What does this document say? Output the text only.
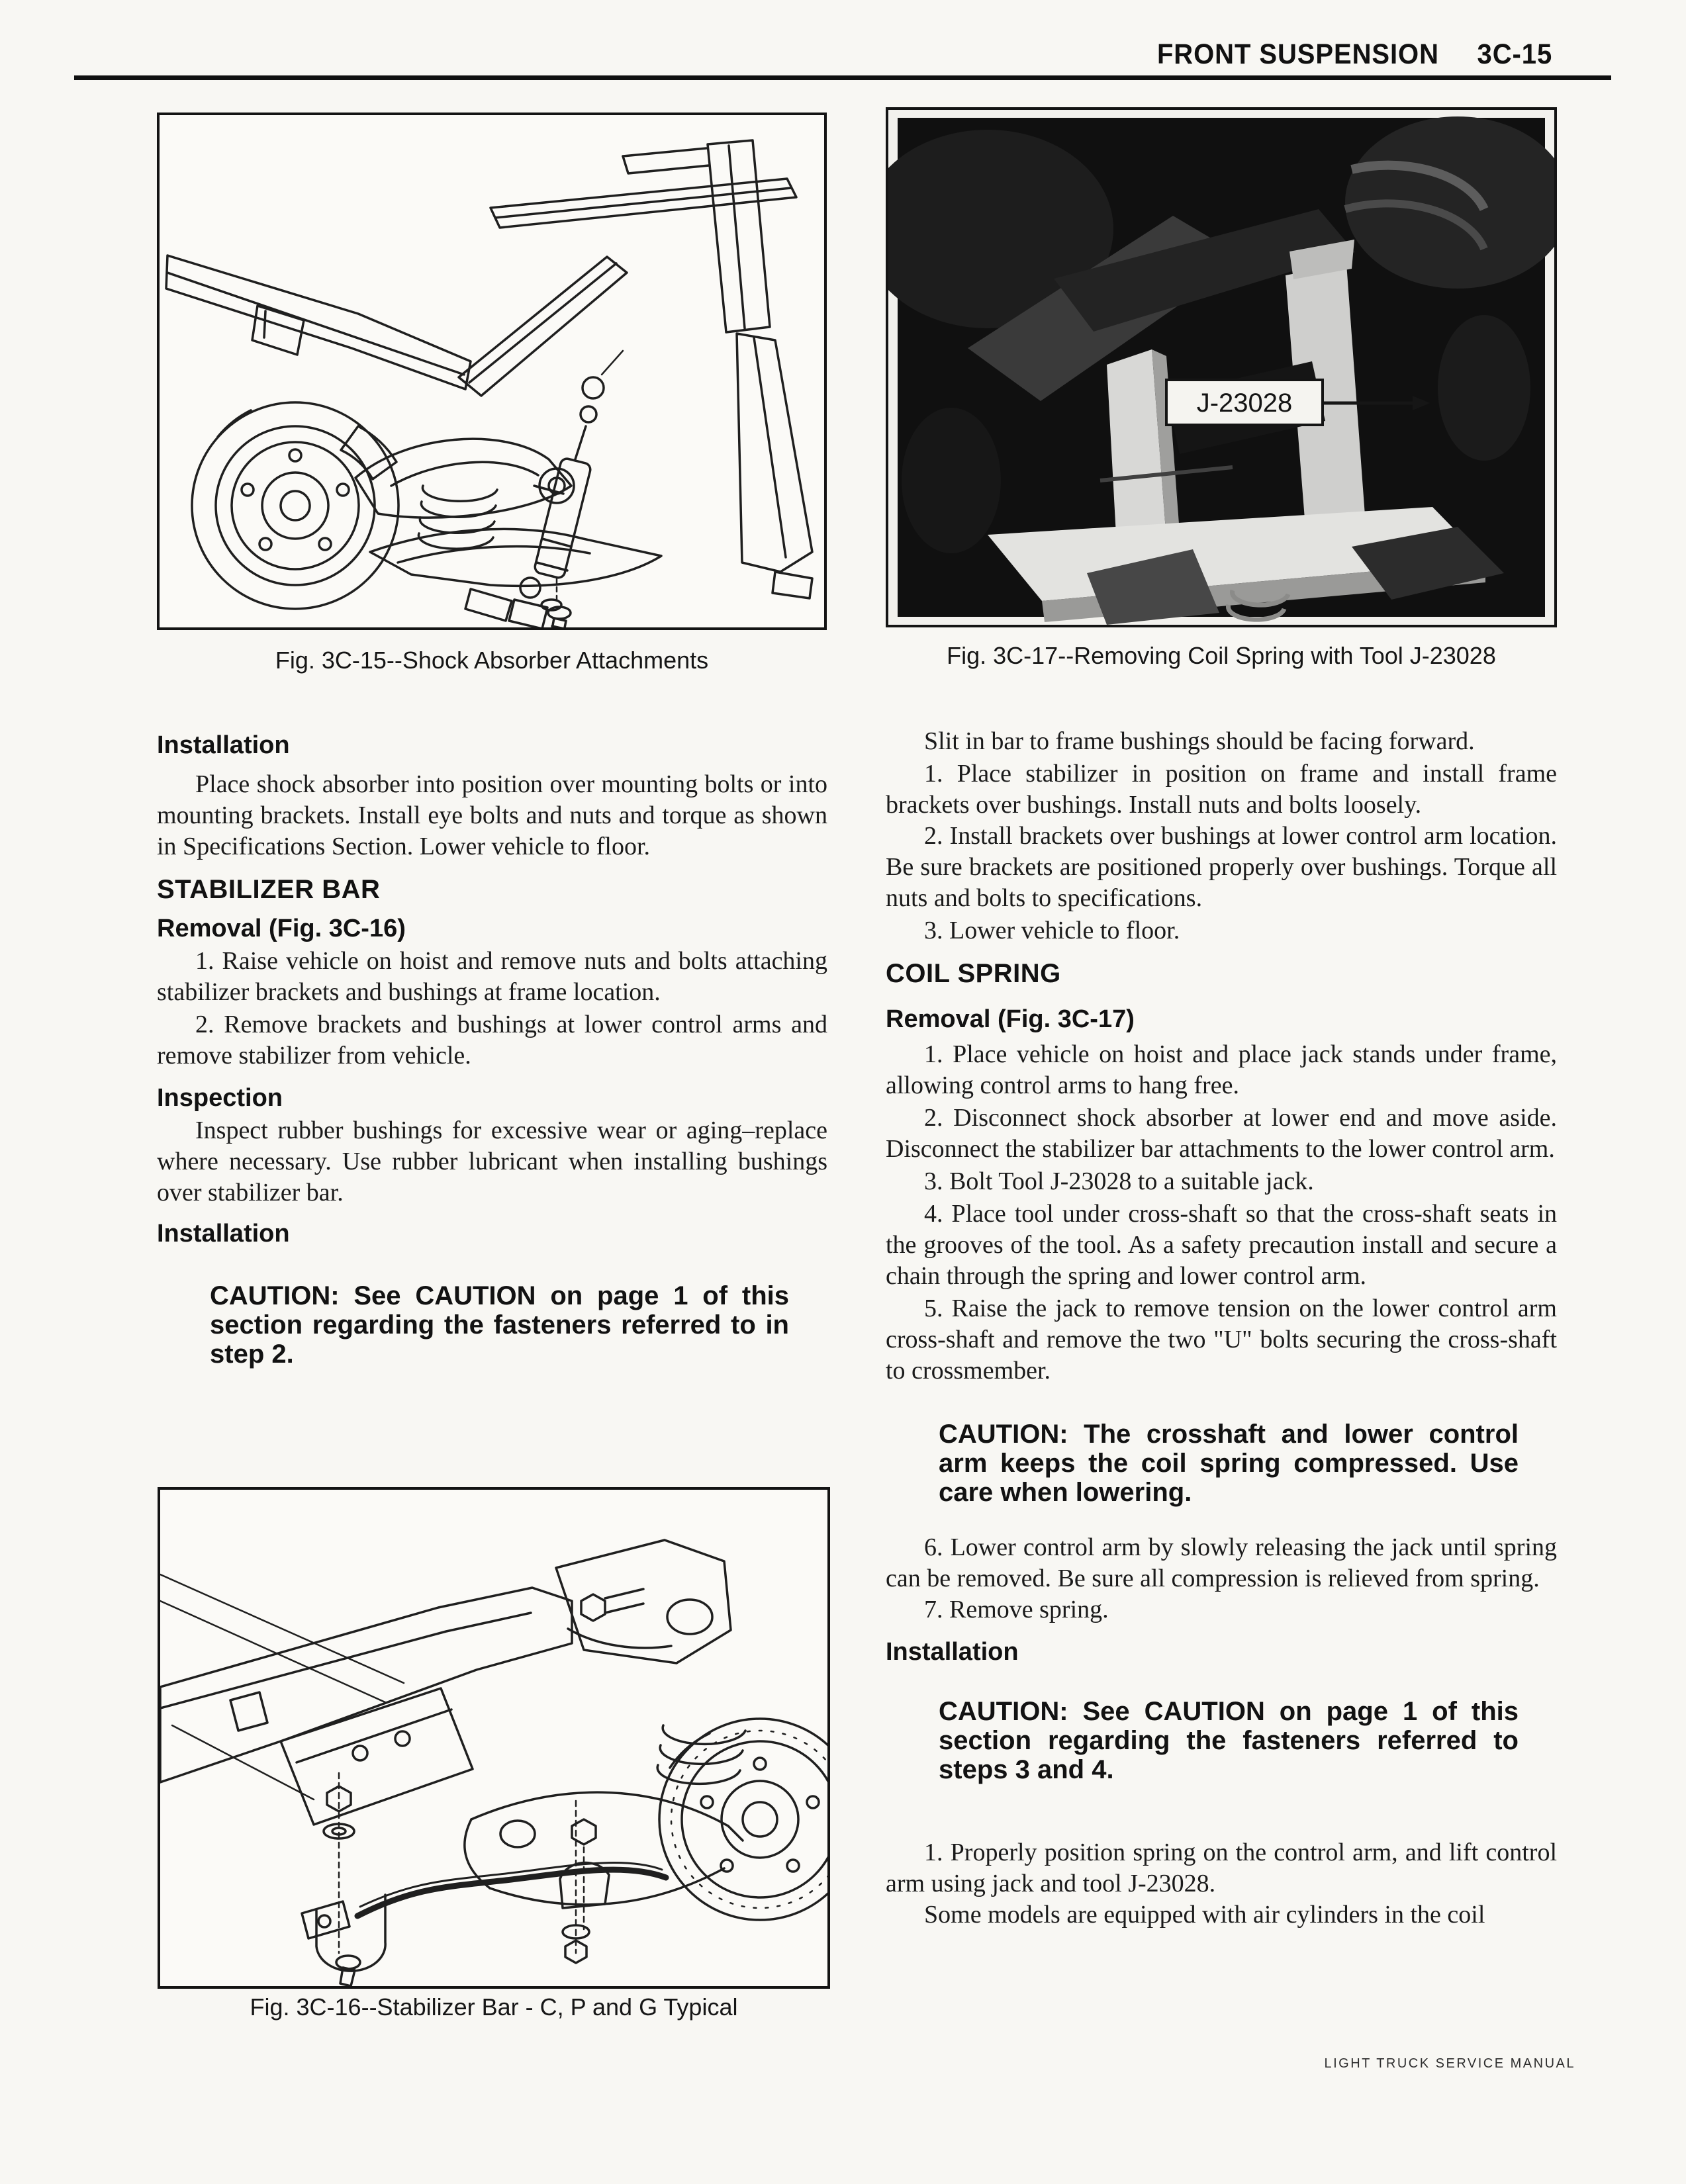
FRONT SUSPENSION 3C-15
J-23028
Fig. 3C-15--Shock Absorber Attachments	Fig. 3C-17--Removing Coil Spring with Tool J-23028
Installation

Place shock absorber into position over mounting bolts or into mounting brackets. Install eye bolts and nuts and torque as shown in Specifications Section. Lower vehicle to floor.

STABILIZER BAR
Removal (Fig. 3C-16)

1. Raise vehicle on hoist and remove nuts and bolts attaching stabilizer brackets and bushings at frame location.

2. Remove brackets and bushings at lower control arms and remove stabilizer from vehicle.

Inspection

Inspect rubber bushings for excessive wear or aging–replace where necessary. Use rubber lubricant when installing bushings over stabilizer bar.

Installation

CAUTION: See CAUTION on page 1 of this section regarding the fasteners referred to in step 2.

Slit in bar to frame bushings should be facing forward.

1. Place stabilizer in position on frame and install frame brackets over bushings. Install nuts and bolts loosely.

2. Install brackets over bushings at lower control arm location. Be sure brackets are positioned properly over bushings. Torque all nuts and bolts to specifications.

3. Lower vehicle to floor.

COIL SPRING
Removal (Fig. 3C-17)

1. Place vehicle on hoist and place jack stands under frame, allowing control arms to hang free.

2. Disconnect shock absorber at lower end and move aside. Disconnect the stabilizer bar attachments to the lower control arm.

3. Bolt Tool J-23028 to a suitable jack.

4. Place tool under cross-shaft so that the cross-shaft seats in the grooves of the tool. As a safety precaution install and secure a chain through the spring and lower control arm.

5. Raise the jack to remove tension on the lower control arm cross-shaft and remove the two "U" bolts securing the cross-shaft to crossmember.

CAUTION: The crosshaft and lower control arm keeps the coil spring compressed. Use care when lowering.

6. Lower control arm by slowly releasing the jack until spring can be removed. Be sure all compression is relieved from spring.

7. Remove spring.

Installation

CAUTION: See CAUTION on page 1 of this section regarding the fasteners referred to steps 3 and 4.

1. Properly position spring on the control arm, and lift control arm using jack and tool J-23028.

Some models are equipped with air cylinders in the coil

Fig. 3C-16--Stabilizer Bar - C, P and G Typical
LIGHT TRUCK SERVICE MANUAL
